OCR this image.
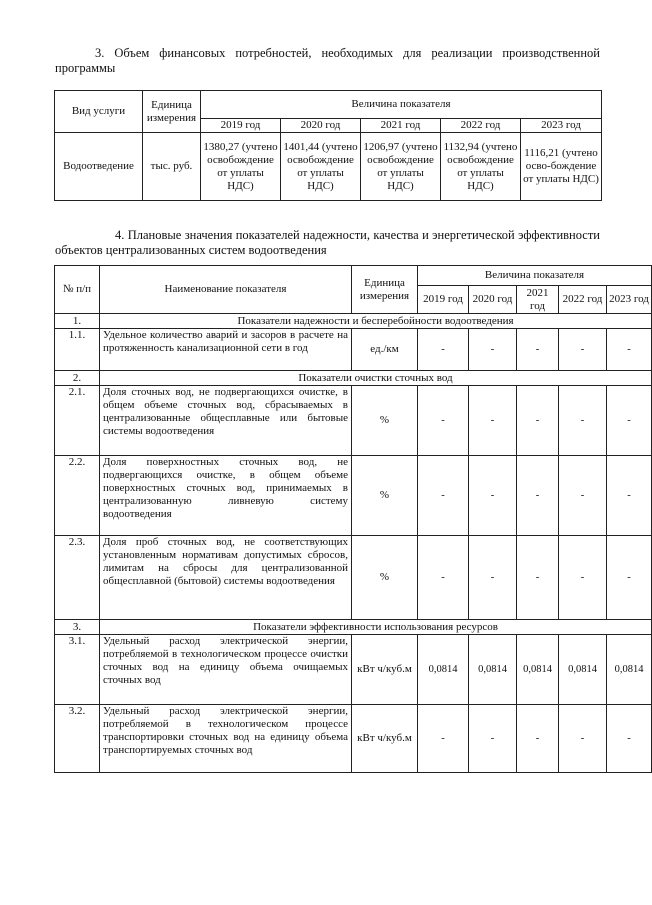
3. Объем финансовых потребностей, необходимых для реализации производственной программы
Вид услуги	Единица измерения	Величина показателя				
		2019 год	2020 год	2021 год	2022 год	2023 год
Водоотведение	тыс. руб.	1380,27 (учтено освобождение от уплаты НДС)	1401,44 (учтено освобождение от уплаты НДС)	1206,97 (учтено освобождение от уплаты НДС)	1132,94 (учтено освобождение от уплаты НДС)	1116,21 (учтено осво-бождение от уплаты НДС)
4. Плановые значения показателей надежности, качества и энергетической эффективности объектов централизованных систем водоотведения
№ п/п	Наименование показателя	Единица измерения	Величина показателя				
			2019 год	2020 год	2021 год	2022 год	2023 год
1.	Показатели надежности и бесперебойности водоотведения						
1.1.	Удельное количество аварий и засоров в расчете на протяженность канализационной сети в год	ед./км	-	-	-	-	-
2.	Показатели очистки сточных вод						
2.1.	Доля сточных вод, не подвергающихся очистке, в общем объеме сточных вод, сбрасываемых в централизованные общесплавные или бытовые системы водоотведения	%	-	-	-	-	-
2.2.	Доля поверхностных сточных вод, не подвергающихся очистке, в общем объеме поверхностных сточных вод, принимаемых в централизованную ливневую систему водоотведения	%	-	-	-	-	-
2.3.	Доля проб сточных вод, не соответствующих установленным нормативам допустимых сбросов, лимитам на сбросы для централизованной общесплавной (бытовой) системы водоотведения	%	-	-	-	-	-
3.	Показатели эффективности использования ресурсов						
3.1.	Удельный расход электрической энергии, потребляемой в технологическом процессе очистки сточных вод на единицу объема очищаемых сточных вод	кВт ч/куб.м	0,0814	0,0814	0,0814	0,0814	0,0814
3.2.	Удельный расход электрической энергии, потребляемой в технологическом процессе транспортировки сточных вод на единицу объема транспортируемых сточных вод	кВт ч/куб.м	-	-	-	-	-
